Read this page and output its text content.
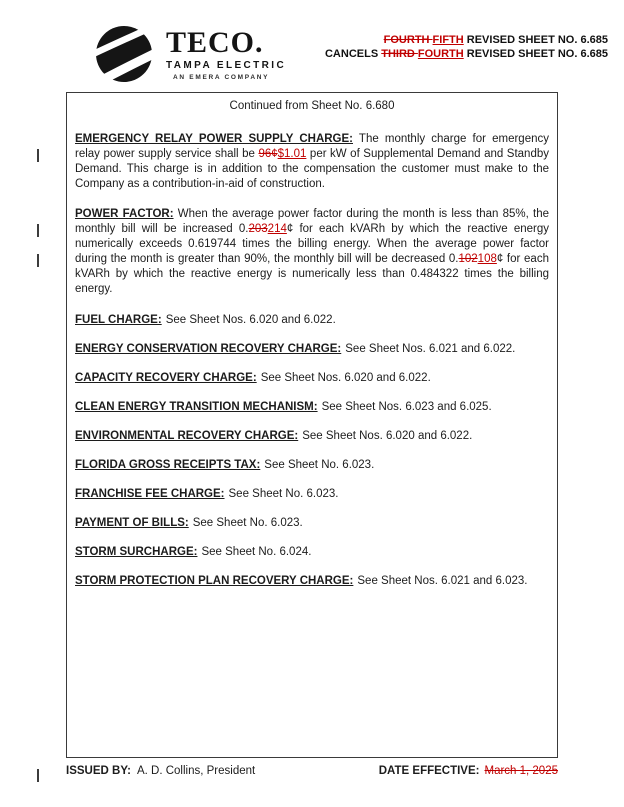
TECO.
TAMPA ELECTRIC
AN EMERA COMPANY
FOURTH FIFTH REVISED SHEET NO. 6.685
CANCELS THIRD FOURTH REVISED SHEET NO. 6.685
Continued from Sheet No. 6.680
EMERGENCY RELAY POWER SUPPLY CHARGE: The monthly charge for emergency relay power supply service shall be 96¢$1.01 per kW of Supplemental Demand and Standby Demand. This charge is in addition to the compensation the customer must make to the Company as a contribution-in-aid of construction.
POWER FACTOR: When the average power factor during the month is less than 85%, the monthly bill will be increased 0.203214¢ for each kVARh by which the reactive energy numerically exceeds 0.619744 times the billing energy. When the average power factor during the month is greater than 90%, the monthly bill will be decreased 0.102108¢ for each kVARh by which the reactive energy is numerically less than 0.484322 times the billing energy.
FUEL CHARGE: See Sheet Nos. 6.020 and 6.022.
ENERGY CONSERVATION RECOVERY CHARGE: See Sheet Nos. 6.021 and 6.022.
CAPACITY RECOVERY CHARGE: See Sheet Nos. 6.020 and 6.022.
CLEAN ENERGY TRANSITION MECHANISM: See Sheet Nos. 6.023 and 6.025.
ENVIRONMENTAL RECOVERY CHARGE: See Sheet Nos. 6.020 and 6.022.
FLORIDA GROSS RECEIPTS TAX: See Sheet No. 6.023.
FRANCHISE FEE CHARGE: See Sheet No. 6.023.
PAYMENT OF BILLS: See Sheet No. 6.023.
STORM SURCHARGE: See Sheet No. 6.024.
STORM PROTECTION PLAN RECOVERY CHARGE: See Sheet Nos. 6.021 and 6.023.
ISSUED BY: A. D. Collins, President	DATE EFFECTIVE: March 1, 2025
